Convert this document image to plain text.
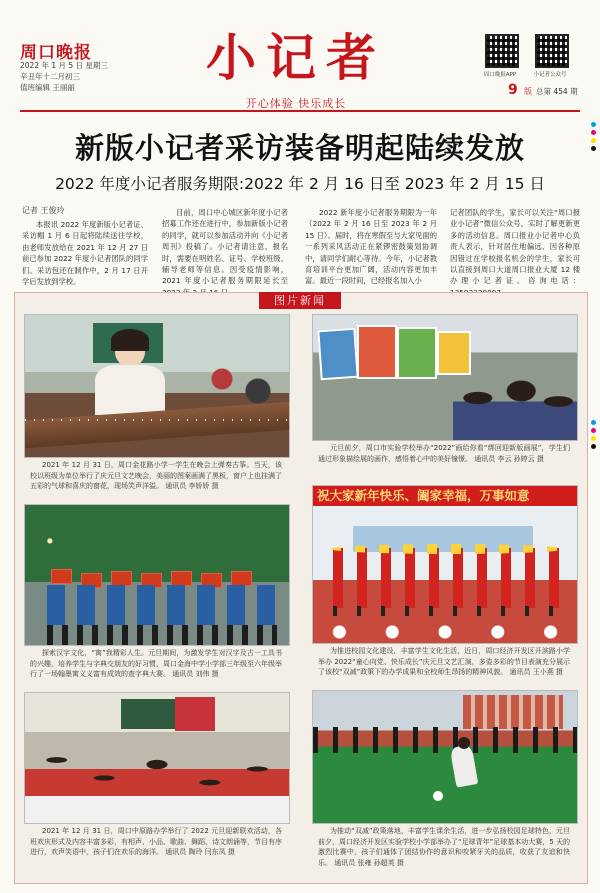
周口晚报
2022 年 1 月 5 日 星期三
辛丑年十二月初三
值班编辑 王丽丽
小记者
开心体验 快乐成长
周口晚报APP	小记者公众号
9 版 总第 454 期
新版小记者采访装备明起陆续发放
2022 年度小记者服务期限:2022 年 2 月 16 日至 2023 年 2 月 15 日
记者 王俊玲
本报讯 2022 年度新版小记者证、采访帽 1 月 6 日起将陆续送往学校，由老师发放给在 2021 年 12 月 27 日前已参加 2022 年度小记者团队的同学们。采访包还在制作中，2 月 17 日开学后发放到学校。
目前，周口中心城区新年度小记者招募工作还在进行中，参加新版小记者的同学，就可以参加活动并向《小记者周刊》投稿了。小记者请注意，报名时，需要在明姓名、证号、学校班级、辅导老师等信息。因受疫情影响，2021 年度小记者服务期限延长至
2022 新年度小记者服务期限为一年（2022 年 2 月 16 日至 2023 年 2 月 15 日）。届时，将在寒假至与大家见面的一系列采风活动正在紧锣密鼓策划协调中，请同学们耐心等待。今年，小记者教育培训平台更加广阔，活动内容更加丰富。最近一段时间，已经报名加入小
记者团队的学生，家长可以关注“周口报业小记者”微信公众号，实时了解更新更多的活动信息。周口报业小记者中心负责人表示，针对居住地偏远、因各种原因错过在学校报名机会的学生，家长可以直接到周口大道周口报业大厦 12 楼办理小记者证。咨询电话：
图片新闻
2021 年 12 月 31 日，周口金花路小学一学生在晚会上弹奏古筝。当天，该校以班级为单位举行了庆元旦文艺晚会，美丽的图案画满了黑板，窗户上也挂满了五彩的气球和喜庆的窗花，现场笑声洋溢。 通讯员 李娇娇 摄
元旦前夕，周口市实验学校举办“2022”画给你看“绑回迎新版画展”，学生们通过形象描绘展的画作，感悟着心中的美好憧憬。 通讯员 李云 孙婷云 摄
.
探索汉字文化，“寓”我精彩人生。元旦期间，为激发学生对汉字及古一工具书的兴趣，培养学生与字典交朋友的好习惯，周口金海中学小学部三年级至六年级举行了一场翰墨寓义义富有成效的查字典大赛。 通讯员 刘伟 摄
祝大家新年快乐、阖家幸福，万事如意
为推进校园文化建设，丰富学生文化生活，近日，周口经济开发区开滨路小学举办 2022“童心向党、快乐成长”庆元旦文艺汇演，多姿多彩的节目表演充分展示了该校“双减”政策下的办学成果和全校师生昂扬的精神风貌。 通讯员 王小燕 摄
2021 年 12 月 31 日，周口中原路办学举行了 2022 元旦迎新联欢活动，各班欢庆形式及内容丰富多彩，有相声、小品、歌曲、舞蹈、诗文朗诵等，节目有序进行，欢声笑语中，孩子们在欢乐的海洋。 通讯员 陶玲 闫东凤 摄
为推动“双减”政策落地，丰富学生课余生活，进一步弘扬校园足球特色，元旦前夕，周口经济开发区实验学校小学部举办了“足球青年”足球基本功大赛，5 天的激烈比赛中，孩子们通体了团结协作的意识和咬紧牙关的品质，收获了友谊和快乐。 通讯员 张雍 孙超英 摄
